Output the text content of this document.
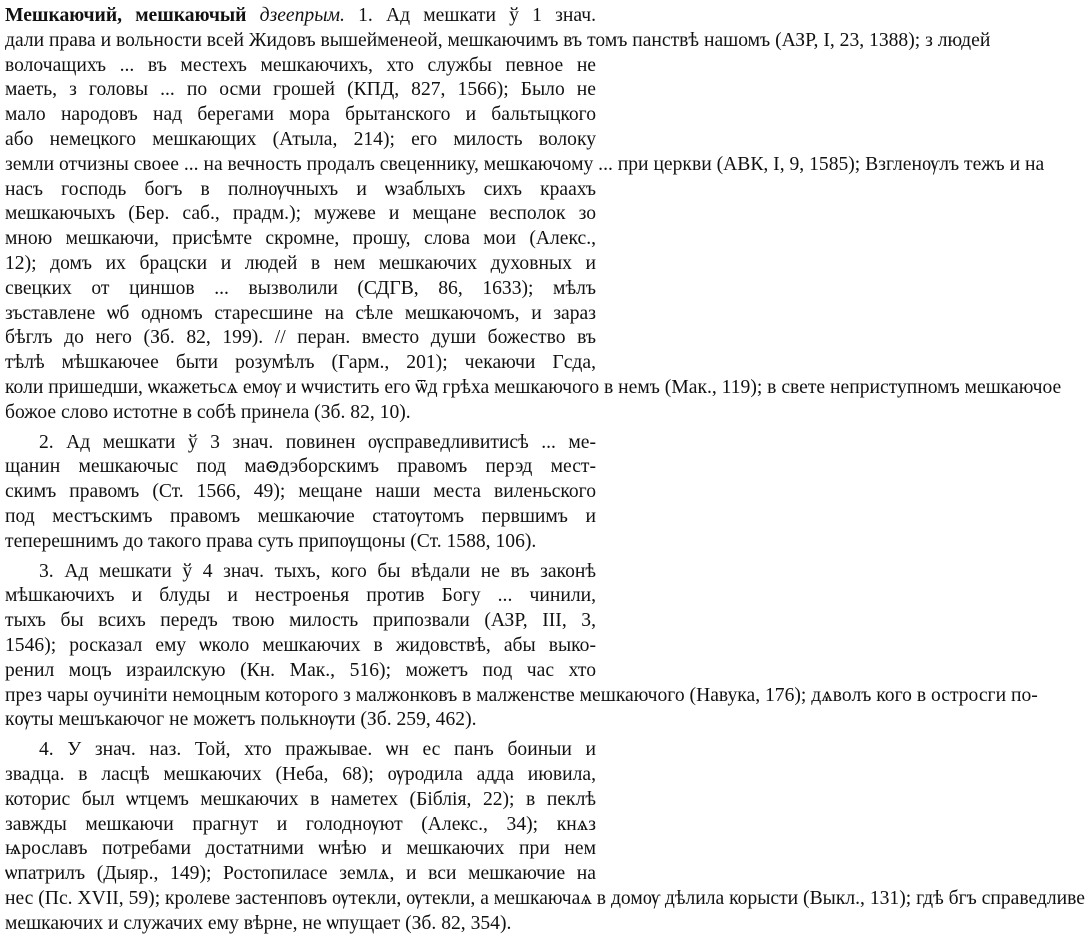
Мешкаючий, мешкаючый дзеепрым. 1. Ад мешкати ў 1 знач.
дали права и вольности всей Жидовъ вышейменеой, мешкаючимъ въ томъ панствѣ нашомъ (АЗР, I, 23, 1388); з людей
волочащихъ ... въ местехъ мешкаючихъ, хто службы певное не
маеть, з головы ... по осми грошей (КПД, 827, 1566); Было не
мало народовъ над берегами мора брытанского и бальтыцкого
або немецкого мешкающих (Атыла, 214); его милость волоку
земли отчизны своее ... на вечность продалъ свеценнику, мешкаючому ... при церкви (АВК, I, 9, 1585); Взгленѹлъ тежъ и на
насъ господь богъ в полнѹчныхъ и ѡзаблыхъ сихъ краахъ
мешкаючыхъ (Бер. саб., прадм.); мужеве и мещане весполок зо
мною мешкаючи, присѣмте скромне, прошу, слова мои (Алекс.,
12); домъ их брацски и людей в нем мешкаючих духовных и
свецких от циншов ... вызволили (СДГВ, 86, 1633); мѣлъ
зъставлене ѡб одномъ старесшине на сѣле мешкаючомъ, и зараз
бѣглъ до него (Зб. 82, 199). // перан. вместо души божество въ
тѣлѣ мѣшкаючее быти розумѣлъ (Гарм., 201); чекаючи Гсда,
коли пришедши, ѡкажетьсѧ емѹ и ѡчистить его ѿд грѣха мешкаючого в немъ (Мак., 119); в свете неприступномъ мешкаючое
божое слово истотне в собѣ принела (Зб. 82, 10).
2. Ад мешкати ў 3 знач. повинен ѹсправедливитисѣ ... ме-
щанин мешкаючыс под маꙫдэборскимъ правомъ перэд мест-
скимъ правомъ (Ст. 1566, 49); мещане наши места виленьского
под местъскимъ правомъ мешкаючие статѹтомъ первшимъ и
теперешнимъ до такого права суть припѹщоны (Ст. 1588, 106).
3. Ад мешкати ў 4 знач. тыхъ, кого бы вѣдали не въ законѣ
мѣшкаючихъ и блуды и нестроенья против Богу ... чинили,
тыхъ бы всихъ передъ твою милость припозвали (АЗР, III, 3,
1546); росказал ему ѡколо мешкаючих в жидовствѣ, абы выко-
ренил моцъ израилскую (Кн. Мак., 516); можетъ под час хто
през чары оучинiти немоцным которого з малжонковъ в малженстве мешкаючого (Навука, 176); дѧволъ кого в остросги по-
кѹты мешъкаючог не можетъ полькнѹти (Зб. 259, 462).
4. У знач. наз. Той, хто пражывае. ѡн ес панъ боиныи и
звадца. в ласцѣ мешкаючих (Неба, 68); ѹродила адда иювила,
которис был ѡтцемъ мешкаючих в наметех (Біблія, 22); в пеклѣ
завжды мешкаючи прагнут и голоднѹют (Алекс., 34); кнѧз
ѩрославъ потребами достатними ѡнѣю и мешкаючих при нем
ѡпатрилъ (Дыяр., 149); Ростопиласе землѧ, и вси мешкаючие на
нес (Пс. XVII, 59); кролеве застенповъ ѹтекли, ѹтекли, а мешкаючаѧ в домѹ дѣлила корысти (Выкл., 131); гдѣ бгъ справедливе
мешкаючих и служачих ему вѣрне, не ѡпущает (Зб. 82, 354).
